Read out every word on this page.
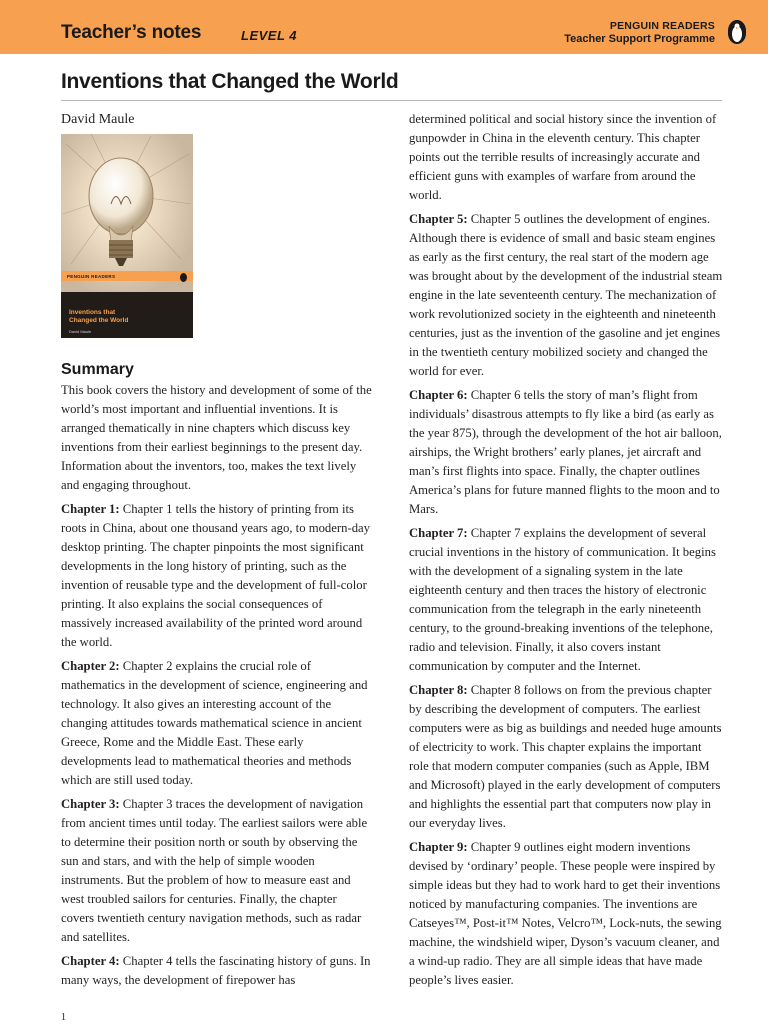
Teacher’s notes	LEVEL 4
PENGUIN READERS
Teacher Support Programme
Inventions that Changed the World
David Maule
PENGUIN READERS
Inventions that
Changed the World
David Maule
Summary

This book covers the history and development of some of the world’s most important and influential inventions. It is arranged thematically in nine chapters which discuss key inventions from their earliest beginnings to the present day. Information about the inventors, too, makes the text lively and engaging throughout.

Chapter 1: Chapter 1 tells the history of printing from its roots in China, about one thousand years ago, to modern-day desktop printing. The chapter pinpoints the most significant developments in the long history of printing, such as the invention of reusable type and the development of full-color printing. It also explains the social consequences of massively increased availability of the printed word around the world.

Chapter 2: Chapter 2 explains the crucial role of mathematics in the development of science, engineering and technology. It also gives an interesting account of the changing attitudes towards mathematical science in ancient Greece, Rome and the Middle East. These early developments lead to mathematical theories and methods which are still used today.

Chapter 3: Chapter 3 traces the development of navigation from ancient times until today. The earliest sailors were able to determine their position north or south by observing the sun and stars, and with the help of simple wooden instruments. But the problem of how to measure east and west troubled sailors for centuries. Finally, the chapter covers twentieth century navigation methods, such as radar and satellites.

Chapter 4: Chapter 4 tells the fascinating history of guns. In many ways, the development of firepower has

determined political and social history since the invention of gunpowder in China in the eleventh century. This chapter points out the terrible results of increasingly accurate and efficient guns with examples of warfare from around the world.

Chapter 5: Chapter 5 outlines the development of engines. Although there is evidence of small and basic steam engines as early as the first century, the real start of the modern age was brought about by the development of the industrial steam engine in the late seventeenth century. The mechanization of work revolutionized society in the eighteenth and nineteenth centuries, just as the invention of the gasoline and jet engines in the twentieth century mobilized society and changed the world for ever.

Chapter 6: Chapter 6 tells the story of man’s flight from individuals’ disastrous attempts to fly like a bird (as early as the year 875), through the development of the hot air balloon, airships, the Wright brothers’ early planes, jet aircraft and man’s first flights into space. Finally, the chapter outlines America’s plans for future manned flights to the moon and to Mars.

Chapter 7: Chapter 7 explains the development of several crucial inventions in the history of communication. It begins with the development of a signaling system in the late eighteenth century and then traces the history of electronic communication from the telegraph in the early nineteenth century, to the ground-breaking inventions of the telephone, radio and television. Finally, it also covers instant communication by computer and the Internet.

Chapter 8: Chapter 8 follows on from the previous chapter by describing the development of computers. The earliest computers were as big as buildings and needed huge amounts of electricity to work. This chapter explains the important role that modern computer companies (such as Apple, IBM and Microsoft) played in the early development of computers and highlights the essential part that computers now play in our everyday lives.

Chapter 9: Chapter 9 outlines eight modern inventions devised by ‘ordinary’ people. These people were inspired by simple ideas but they had to work hard to get their inventions noticed by manufacturing companies. The inventions are Catseyes™, Post-it™ Notes, Velcro™, Lock-nuts, the sewing machine, the windshield wiper, Dyson’s vacuum cleaner, and a wind-up radio. They are all simple ideas that have made people’s lives easier.

1
